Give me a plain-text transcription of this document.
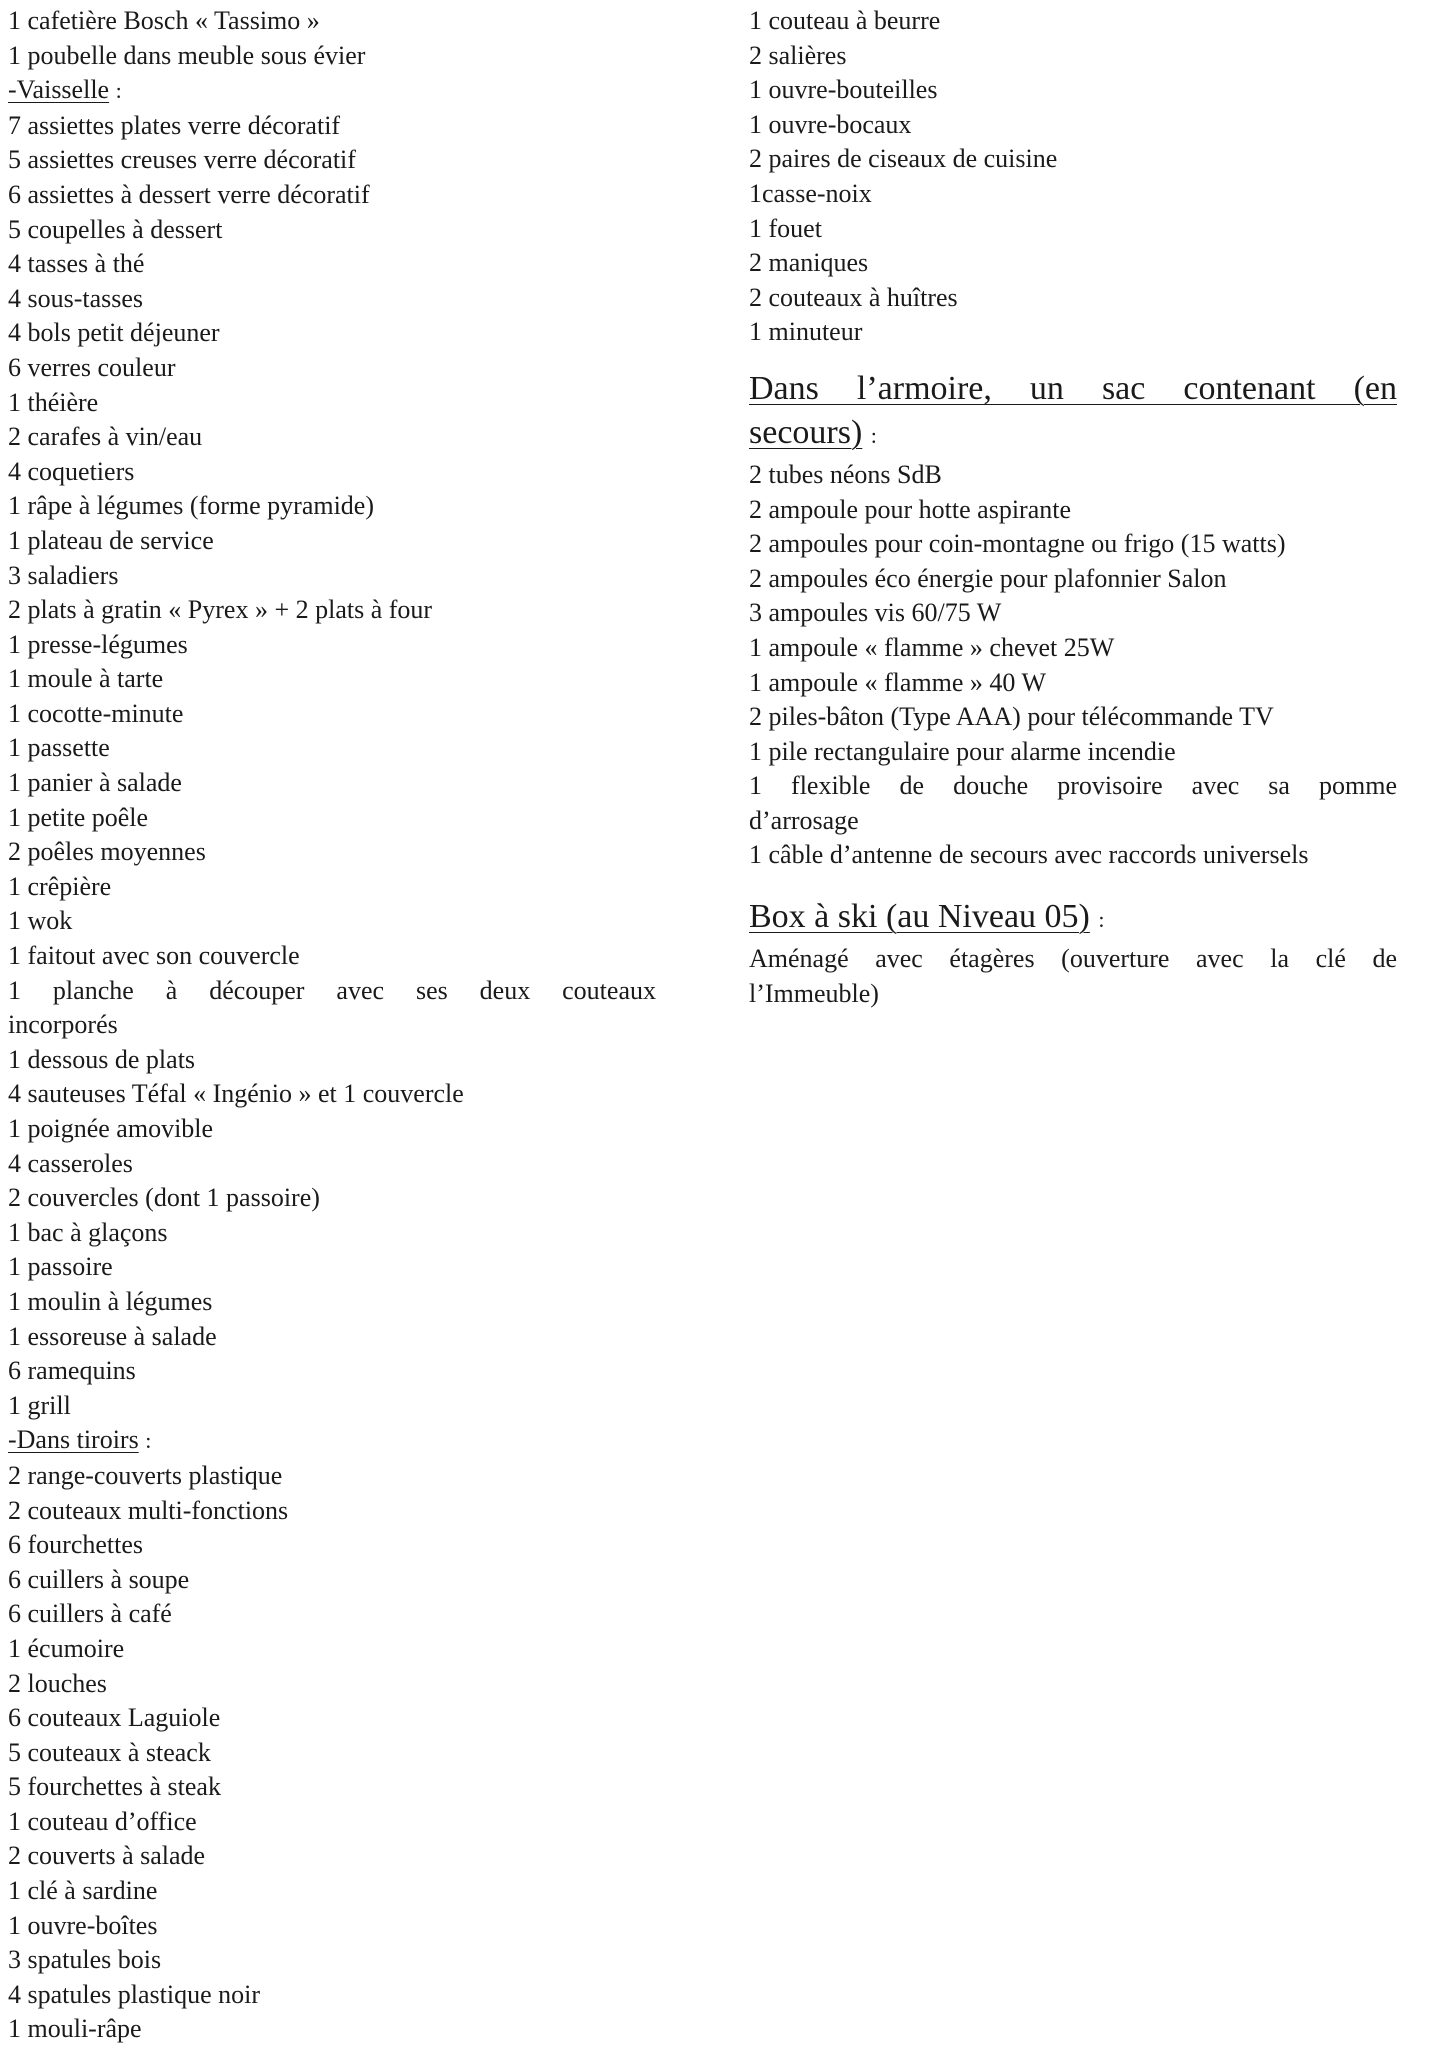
1 cafetière Bosch « Tassimo »

1 poubelle dans meuble sous évier

-Vaisselle :

7 assiettes plates verre décoratif

5 assiettes creuses verre décoratif

6 assiettes à dessert verre décoratif

5 coupelles à dessert

4 tasses à thé

4 sous-tasses

4 bols petit déjeuner

6 verres couleur

1 théière

2 carafes à vin/eau

4 coquetiers

1 râpe à légumes (forme pyramide)

1 plateau de service

3 saladiers

2 plats à gratin « Pyrex » + 2 plats à four

1 presse-légumes

1 moule à tarte

1 cocotte-minute

1 passette

1 panier à salade

1 petite poêle

2 poêles moyennes

1 crêpière

1 wok

1 faitout avec son couvercle

1 planche à découper avec ses deux couteaux

incorporés

1 dessous de plats

4 sauteuses Téfal « Ingénio » et 1 couvercle

1 poignée amovible

4 casseroles

2 couvercles (dont 1 passoire)

1 bac à glaçons

1 passoire

1 moulin à légumes

1 essoreuse à salade

6 ramequins

1 grill

-Dans tiroirs :

2 range-couverts plastique

2 couteaux multi-fonctions

6 fourchettes

6 cuillers à soupe

6 cuillers à café

1 écumoire

2 louches

6 couteaux Laguiole

5 couteaux à steack

5 fourchettes à steak

1 couteau d’office

2 couverts à salade

1 clé à sardine

1 ouvre-boîtes

3 spatules bois

4 spatules plastique noir

1 mouli-râpe

1 couteau à beurre

2 salières

1 ouvre-bouteilles

1 ouvre-bocaux

2 paires de ciseaux de cuisine

1casse-noix

1 fouet

2 maniques

2 couteaux à huîtres

1 minuteur

Dans l’armoire, un sac contenant (en

secours) :

2 tubes néons SdB

2 ampoule pour hotte aspirante

2 ampoules pour coin-montagne ou frigo (15 watts)

2 ampoules éco énergie pour plafonnier Salon

3 ampoules vis 60/75 W

1 ampoule « flamme » chevet 25W

1 ampoule « flamme » 40 W

2 piles-bâton (Type AAA) pour télécommande TV

1 pile rectangulaire pour alarme incendie

1 flexible de douche provisoire avec sa pomme

d’arrosage

1 câble d’antenne de secours avec raccords universels

Box à ski (au Niveau 05) :

Aménagé avec étagères (ouverture avec la clé de

l’Immeuble)
